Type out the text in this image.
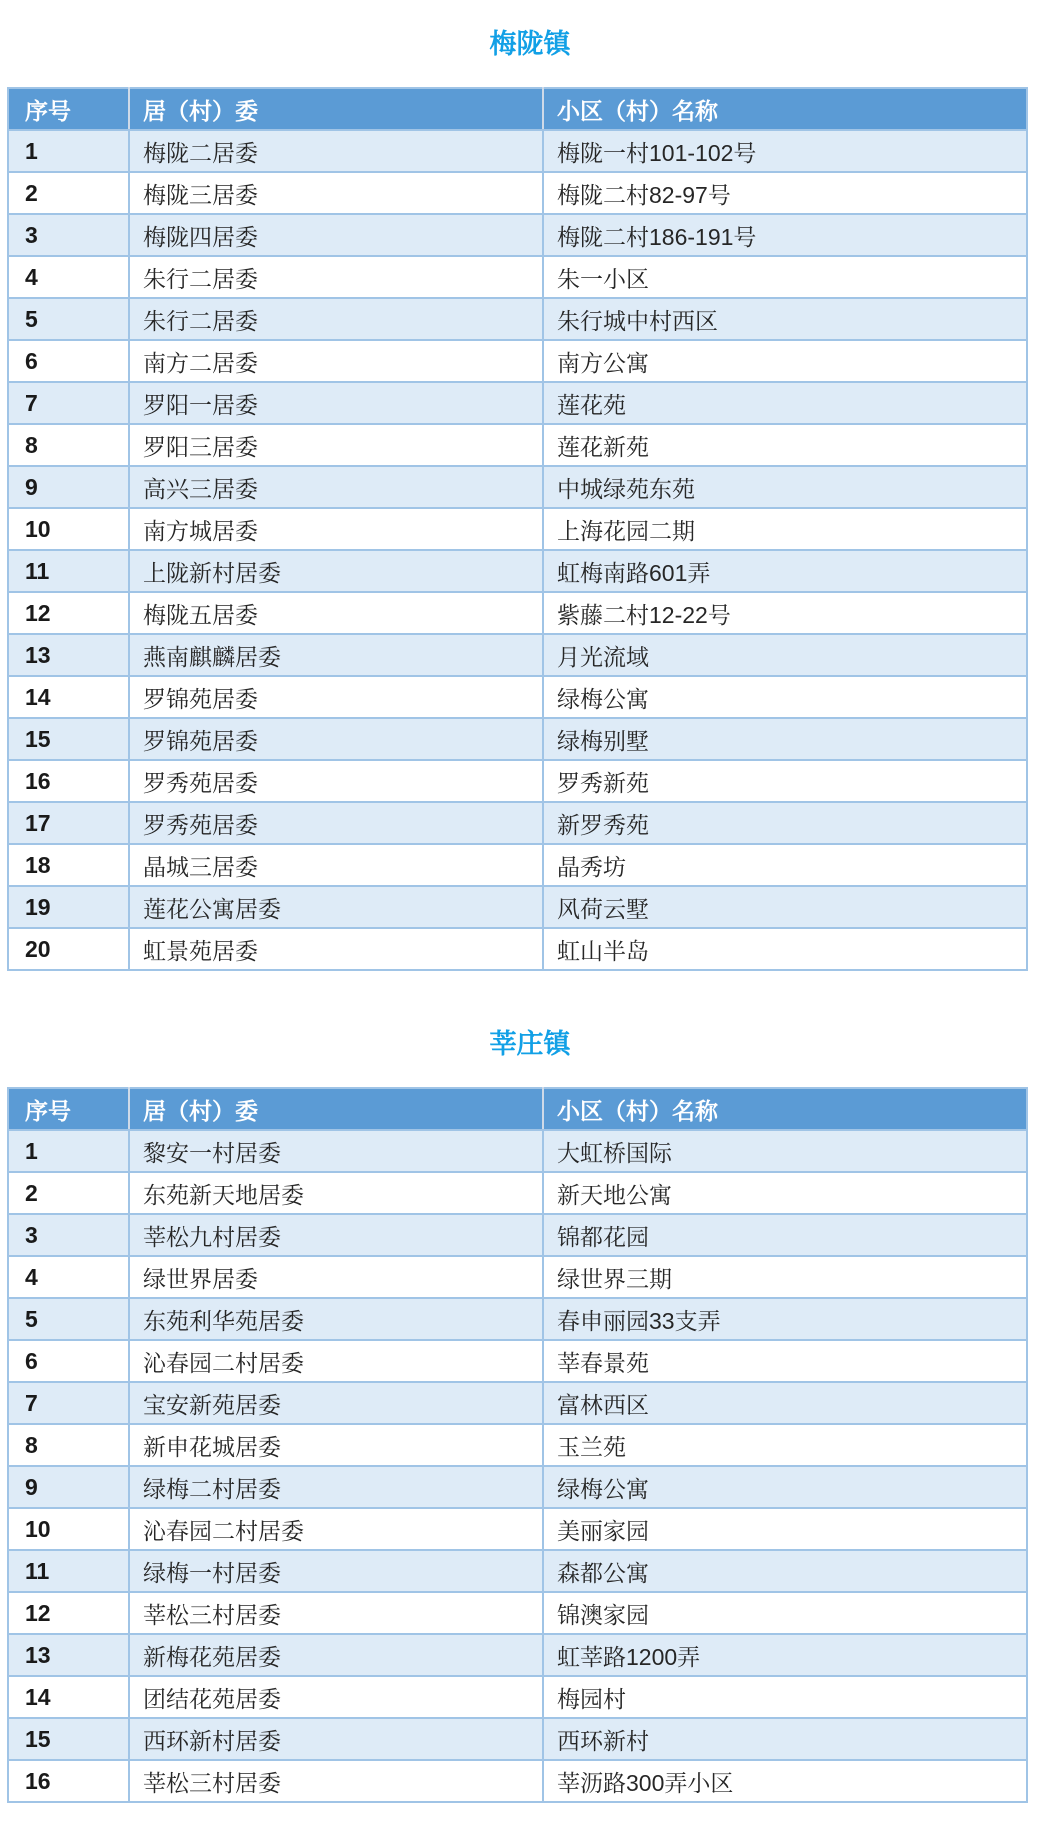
梅陇镇
序号	居（村）委	小区（村）名称
1	梅陇二居委	梅陇一村101-102号
2	梅陇三居委	梅陇二村82-97号
3	梅陇四居委	梅陇二村186-191号
4	朱行二居委	朱一小区
5	朱行二居委	朱行城中村西区
6	南方二居委	南方公寓
7	罗阳一居委	莲花苑
8	罗阳三居委	莲花新苑
9	高兴三居委	中城绿苑东苑
10	南方城居委	上海花园二期
11	上陇新村居委	虹梅南路601弄
12	梅陇五居委	紫藤二村12-22号
13	燕南麒麟居委	月光流域
14	罗锦苑居委	绿梅公寓
15	罗锦苑居委	绿梅别墅
16	罗秀苑居委	罗秀新苑
17	罗秀苑居委	新罗秀苑
18	晶城三居委	晶秀坊
19	莲花公寓居委	风荷云墅
20	虹景苑居委	虹山半岛
莘庄镇
序号	居（村）委	小区（村）名称
1	黎安一村居委	大虹桥国际
2	东苑新天地居委	新天地公寓
3	莘松九村居委	锦都花园
4	绿世界居委	绿世界三期
5	东苑利华苑居委	春申丽园33支弄
6	沁春园二村居委	莘春景苑
7	宝安新苑居委	富林西区
8	新申花城居委	玉兰苑
9	绿梅二村居委	绿梅公寓
10	沁春园二村居委	美丽家园
11	绿梅一村居委	森都公寓
12	莘松三村居委	锦澳家园
13	新梅花苑居委	虹莘路1200弄
14	团结花苑居委	梅园村
15	西环新村居委	西环新村
16	莘松三村居委	莘沥路300弄小区
